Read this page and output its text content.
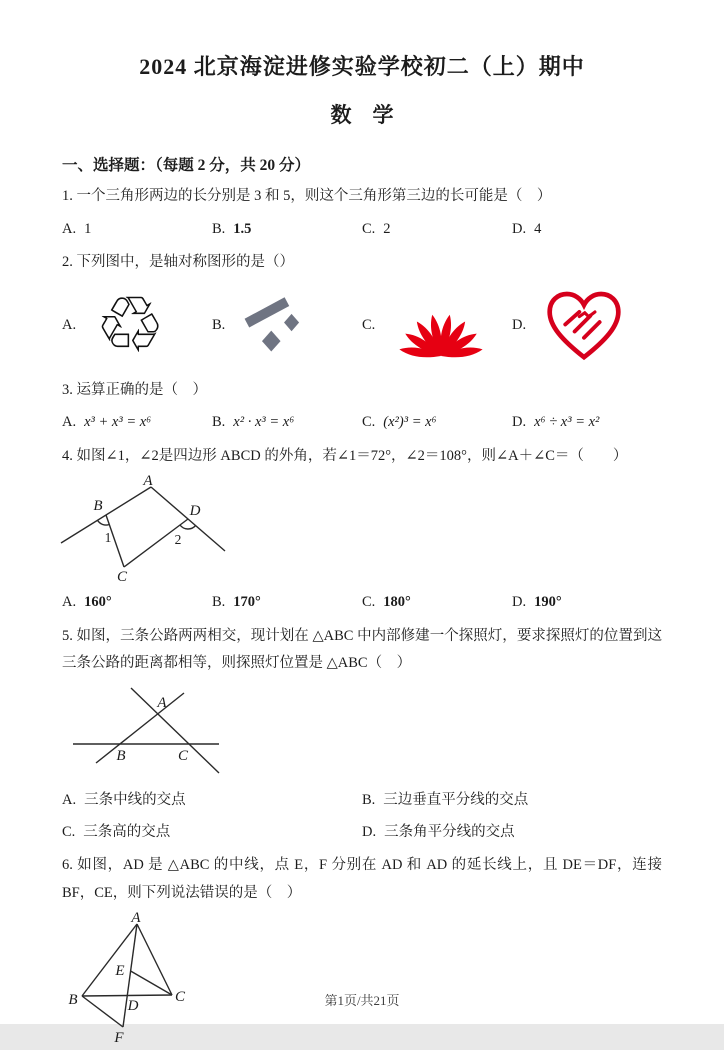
2024 北京海淀进修实验学校初二（上）期中
数　学
一、选择题：（每题 2 分，共 20 分）

1. 一个三角形两边的长分别是 3 和 5，则这个三角形第三边的长可能是（　）

A. 1	B. 1.5	C. 2	D. 4

2. 下列图中，是轴对称图形的是（）

A. ♲	B.	C.	D.

3. 运算正确的是（　）

A. x³ + x³ = x⁶	B. x² · x³ = x⁶	C. (x²)³ = x⁶	D. x⁶ ÷ x³ = x²

4. 如图∠1，∠2是四边形 ABCD 的外角，若∠1＝72°，∠2＝108°，则∠A＋∠C＝（　　）

A
B
C
D
1	2
A. 160°	B. 170°	C. 180°	D. 190°

5. 如图，三条公路两两相交，现计划在 △ABC 中内部修建一个探照灯，要求探照灯的位置到这三条公路的距离都相等，则探照灯位置是 △ABC（　）

A
B	C
A. 三条中线的交点	B. 三边垂直平分线的交点
C. 三条高的交点	D. 三条角平分线的交点

6. 如图，AD 是 △ABC 的中线，点 E，F 分别在 AD 和 AD 的延长线上，且 DE＝DF，连接 BF，CE，则下列说法错误的是（　）

A
B	C
D
E
F
第1页/共21页
